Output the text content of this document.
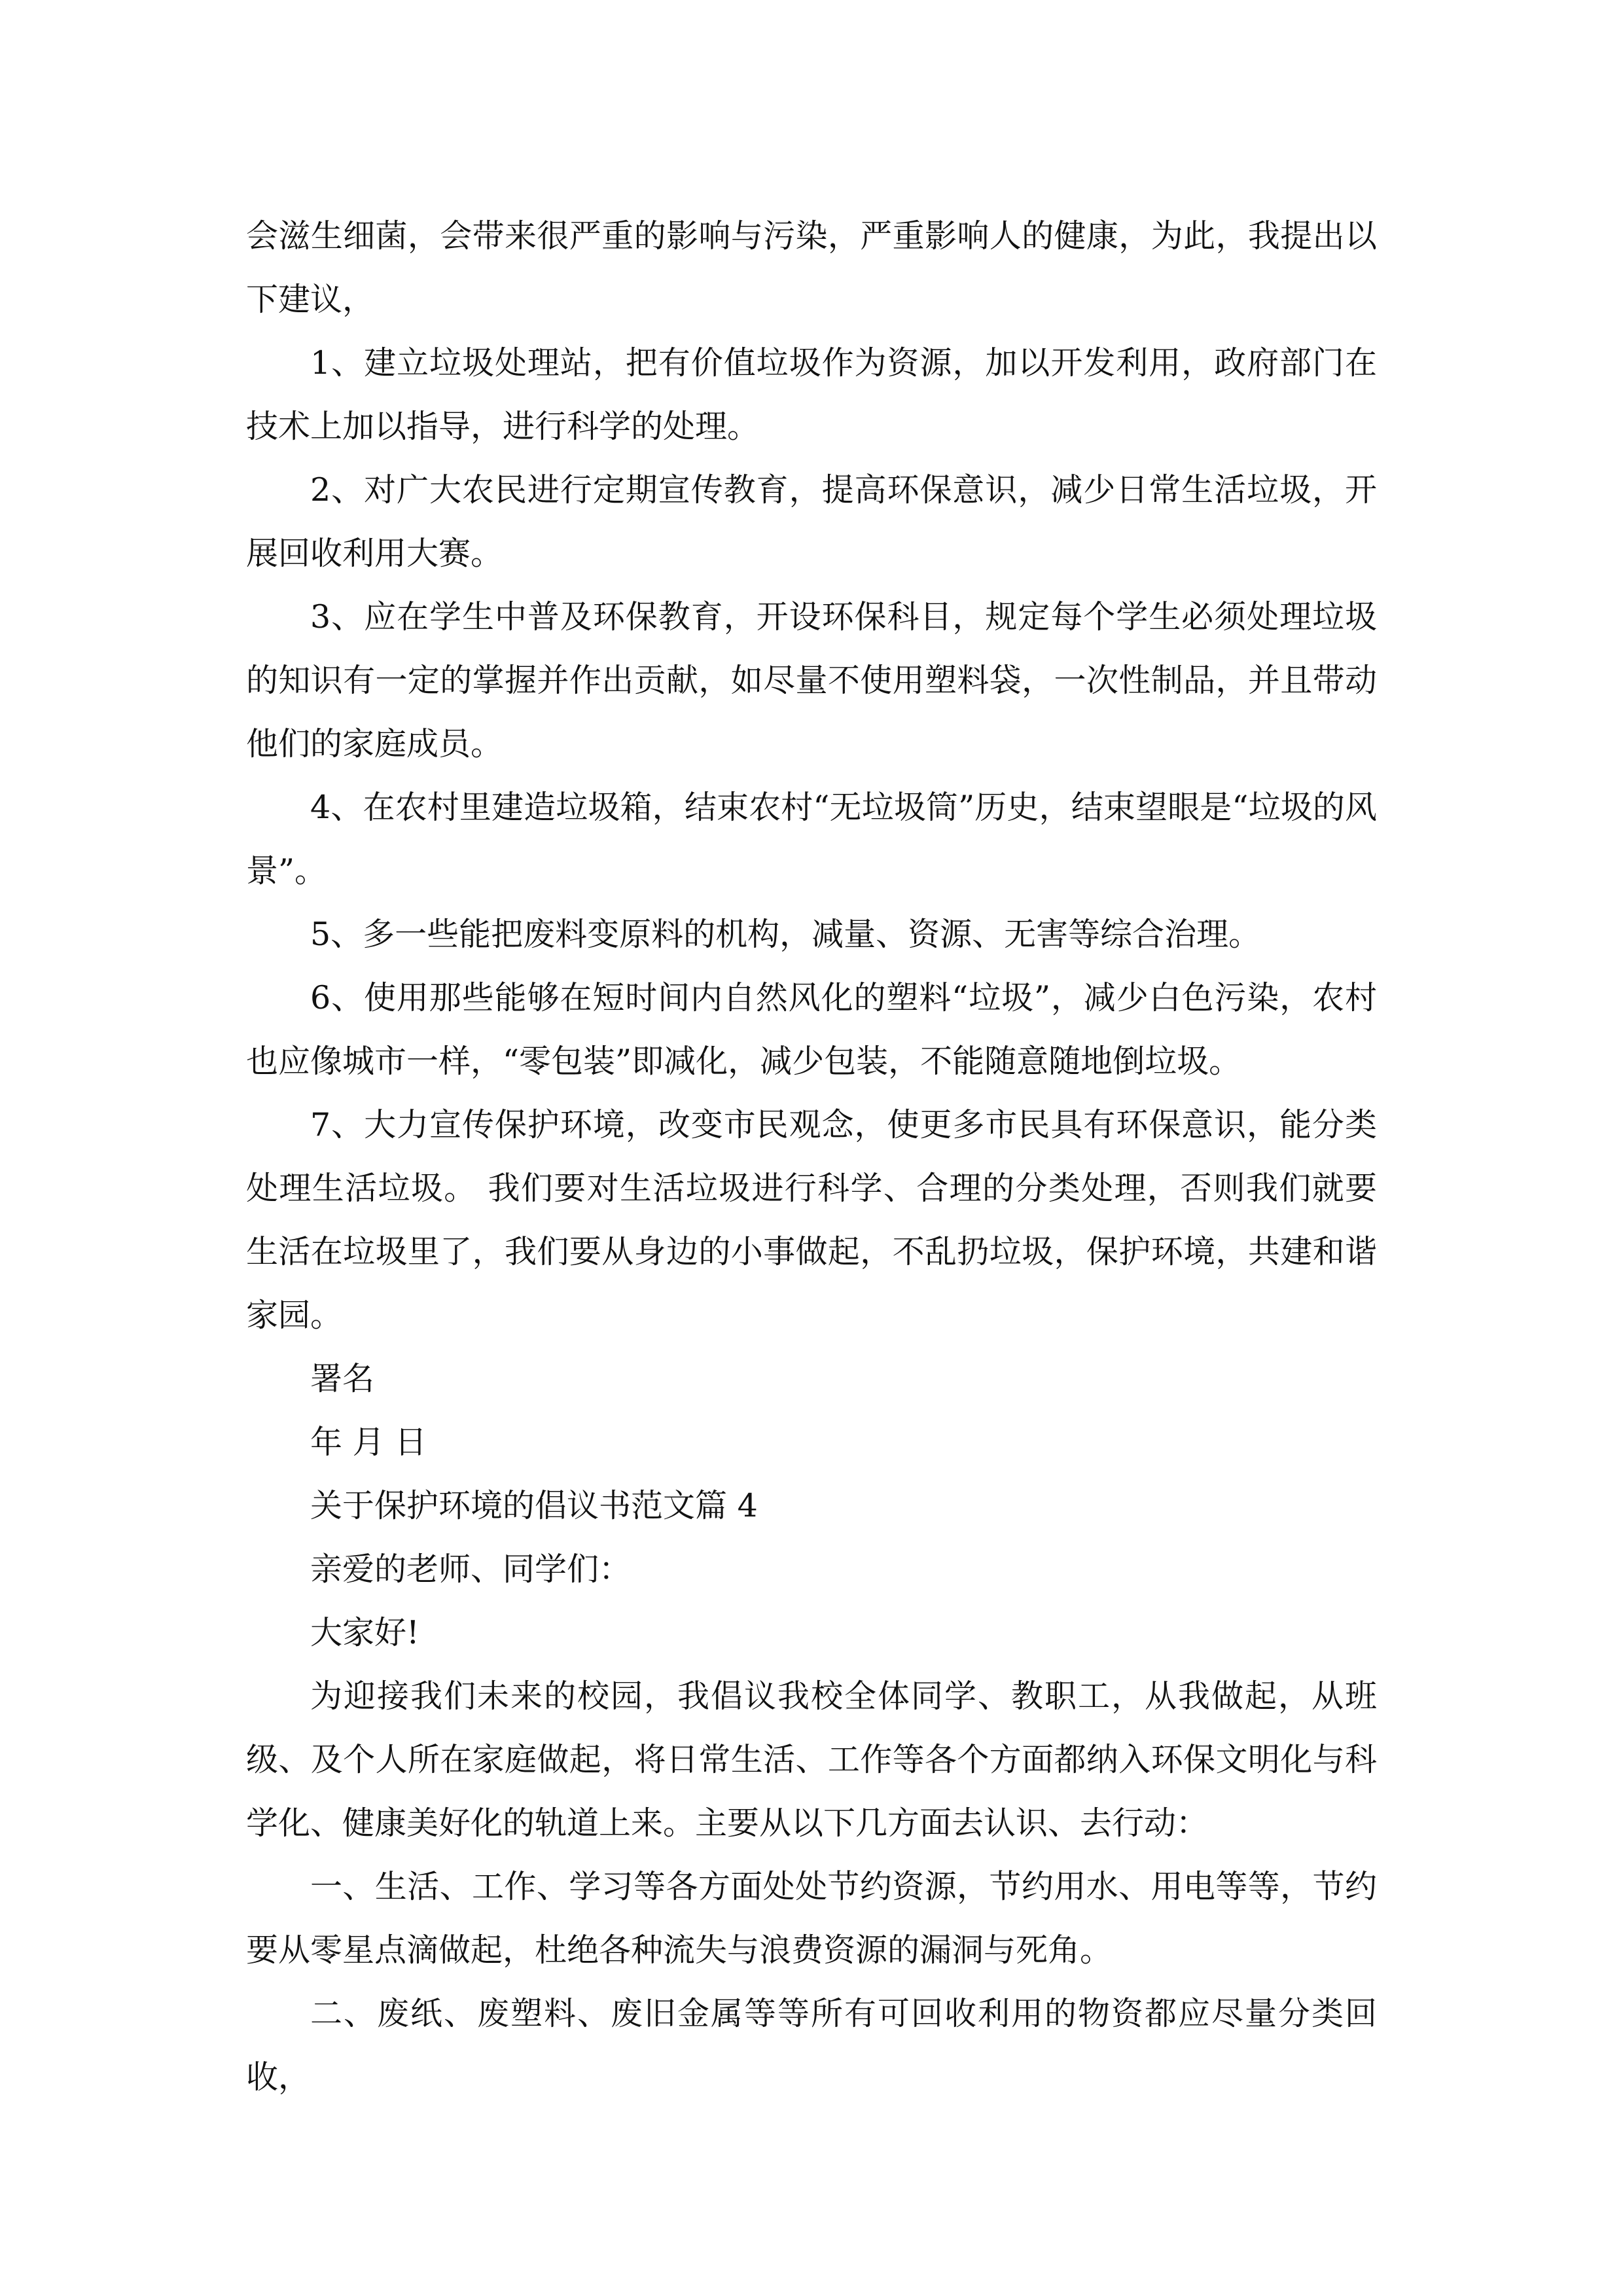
会滋生细菌，会带来很严重的影响与污染，严重影响人的健康，为此，我提出以下建议，

1、建立垃圾处理站，把有价值垃圾作为资源，加以开发利用，政府部门在技术上加以指导，进行科学的处理。

2、对广大农民进行定期宣传教育，提高环保意识，减少日常生活垃圾，开展回收利用大赛。

3、应在学生中普及环保教育，开设环保科目，规定每个学生必须处理垃圾的知识有一定的掌握并作出贡献，如尽量不使用塑料袋，一次性制品，并且带动他们的家庭成员。

4、在农村里建造垃圾箱，结束农村“无垃圾筒”历史，结束望眼是“垃圾的风景”。

5、多一些能把废料变原料的机构，减量、资源、无害等综合治理。

6、使用那些能够在短时间内自然风化的塑料“垃圾”，减少白色污染，农村也应像城市一样，“零包装”即减化，减少包装，不能随意随地倒垃圾。

7、大力宣传保护环境，改变市民观念，使更多市民具有环保意识，能分类处理生活垃圾。 我们要对生活垃圾进行科学、合理的分类处理，否则我们就要生活在垃圾里了，我们要从身边的小事做起，不乱扔垃圾，保护环境，共建和谐家园。

署名

年 月 日

关于保护环境的倡议书范文篇 4

亲爱的老师、同学们：

大家好!

为迎接我们未来的校园，我倡议我校全体同学、教职工，从我做起，从班级、及个人所在家庭做起，将日常生活、工作等各个方面都纳入环保文明化与科学化、健康美好化的轨道上来。主要从以下几方面去认识、去行动：

一、生活、工作、学习等各方面处处节约资源，节约用水、用电等等，节约要从零星点滴做起，杜绝各种流失与浪费资源的漏洞与死角。

二、废纸、废塑料、废旧金属等等所有可回收利用的物资都应尽量分类回收，
